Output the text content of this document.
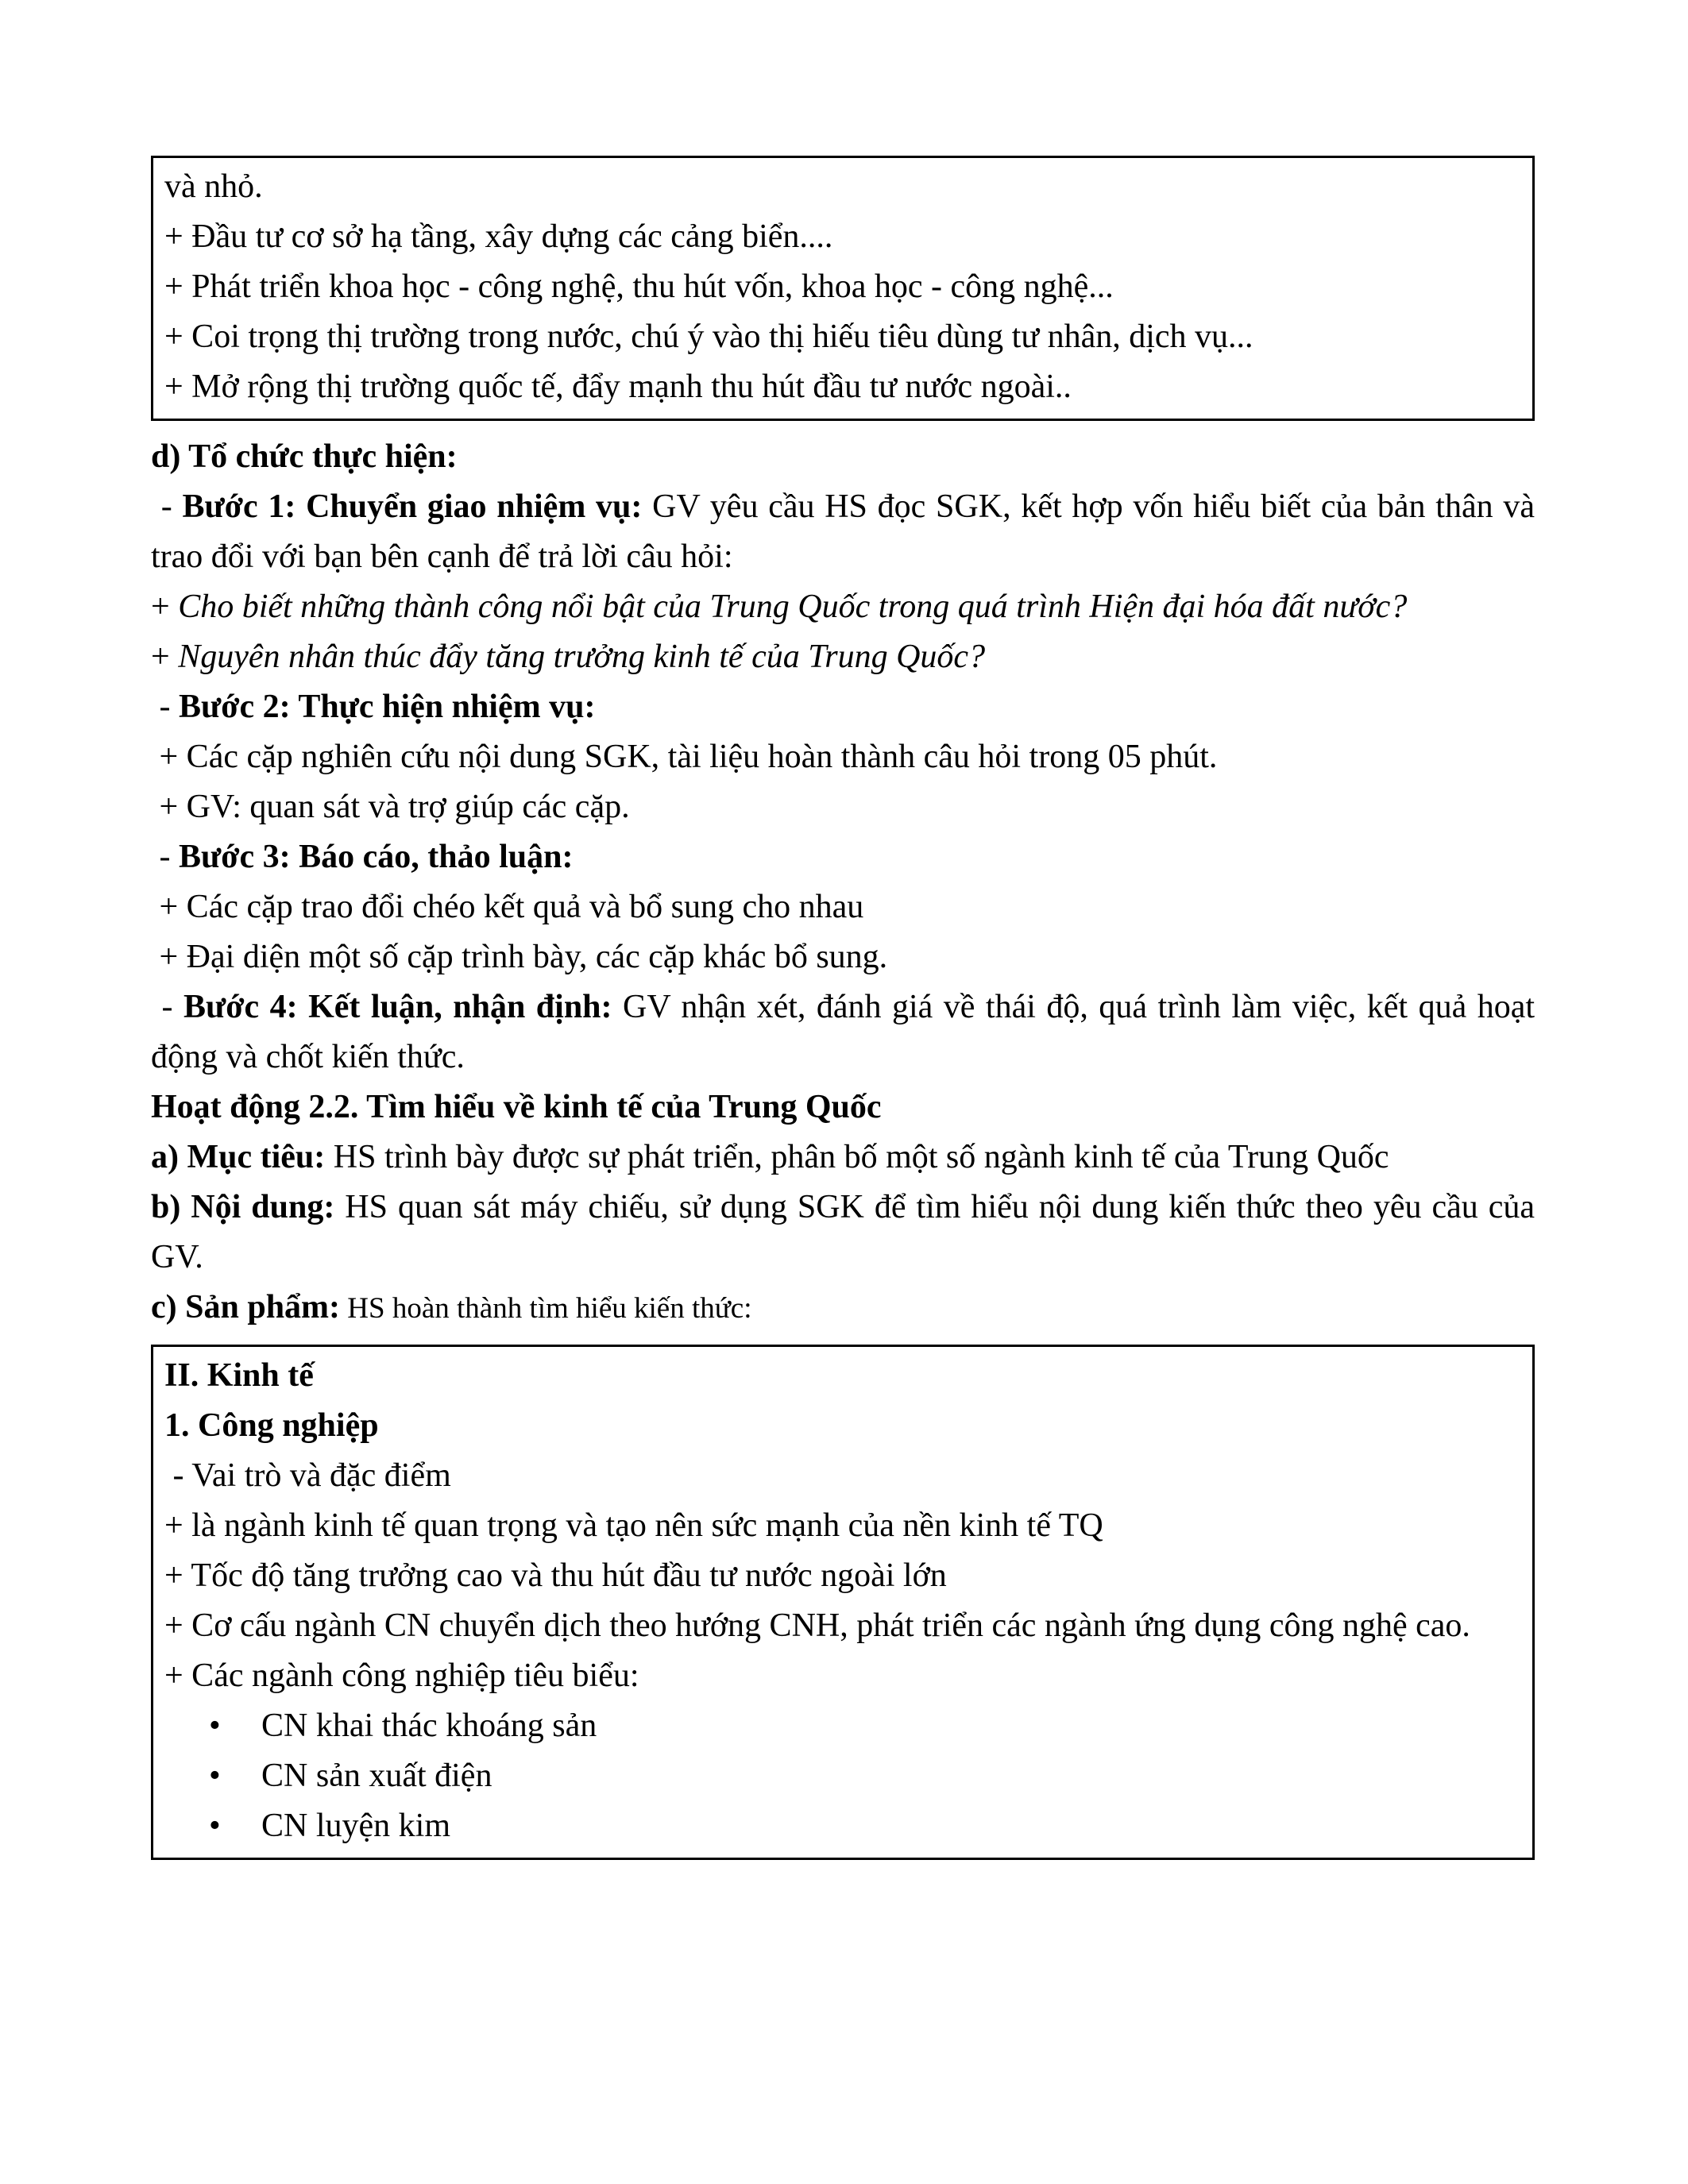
và nhỏ.

+ Đầu tư cơ sở hạ tầng, xây dựng các cảng biển....

+ Phát triển khoa học - công nghệ, thu hút vốn, khoa học - công nghệ...

+ Coi trọng thị trường trong nước, chú ý vào thị hiếu tiêu dùng tư nhân, dịch vụ...

+ Mở rộng thị trường quốc tế, đẩy mạnh thu hút đầu tư nước ngoài..

d) Tổ chức thực hiện:

- Bước 1: Chuyển giao nhiệm vụ: GV yêu cầu HS đọc SGK, kết hợp vốn hiểu biết của bản thân và trao đổi với bạn bên cạnh để trả lời câu hỏi:

+ Cho biết những thành công nổi bật của Trung Quốc trong quá trình Hiện đại hóa đất nước?

+ Nguyên nhân thúc đẩy tăng trưởng kinh tế của Trung Quốc?

- Bước 2: Thực hiện nhiệm vụ:

+ Các cặp nghiên cứu nội dung SGK, tài liệu hoàn thành câu hỏi trong 05 phút.

+ GV: quan sát và trợ giúp các cặp.

- Bước 3: Báo cáo, thảo luận:

+ Các cặp trao đổi chéo kết quả và bổ sung cho nhau

+ Đại diện một số cặp trình bày, các cặp khác bổ sung.

- Bước 4: Kết luận, nhận định: GV nhận xét, đánh giá về thái độ, quá trình làm việc, kết quả hoạt động và chốt kiến thức.

Hoạt động 2.2. Tìm hiểu về kinh tế của Trung Quốc

a) Mục tiêu: HS trình bày được sự phát triển, phân bố một số ngành kinh tế của Trung Quốc

b) Nội dung: HS quan sát máy chiếu, sử dụng SGK để tìm hiểu nội dung kiến thức theo yêu cầu của GV.

c) Sản phẩm: HS hoàn thành tìm hiểu kiến thức:

II. Kinh tế

1. Công nghiệp

- Vai trò và đặc điểm

+ là ngành kinh tế quan trọng và tạo nên sức mạnh của nền kinh tế TQ

+ Tốc độ tăng trưởng cao và thu hút đầu tư nước ngoài lớn

+ Cơ cấu ngành CN chuyển dịch theo hướng CNH, phát triển các ngành ứng dụng công nghệ cao.

+ Các ngành công nghiệp tiêu biểu:

• CN khai thác khoáng sản

• CN sản xuất điện

• CN luyện kim
